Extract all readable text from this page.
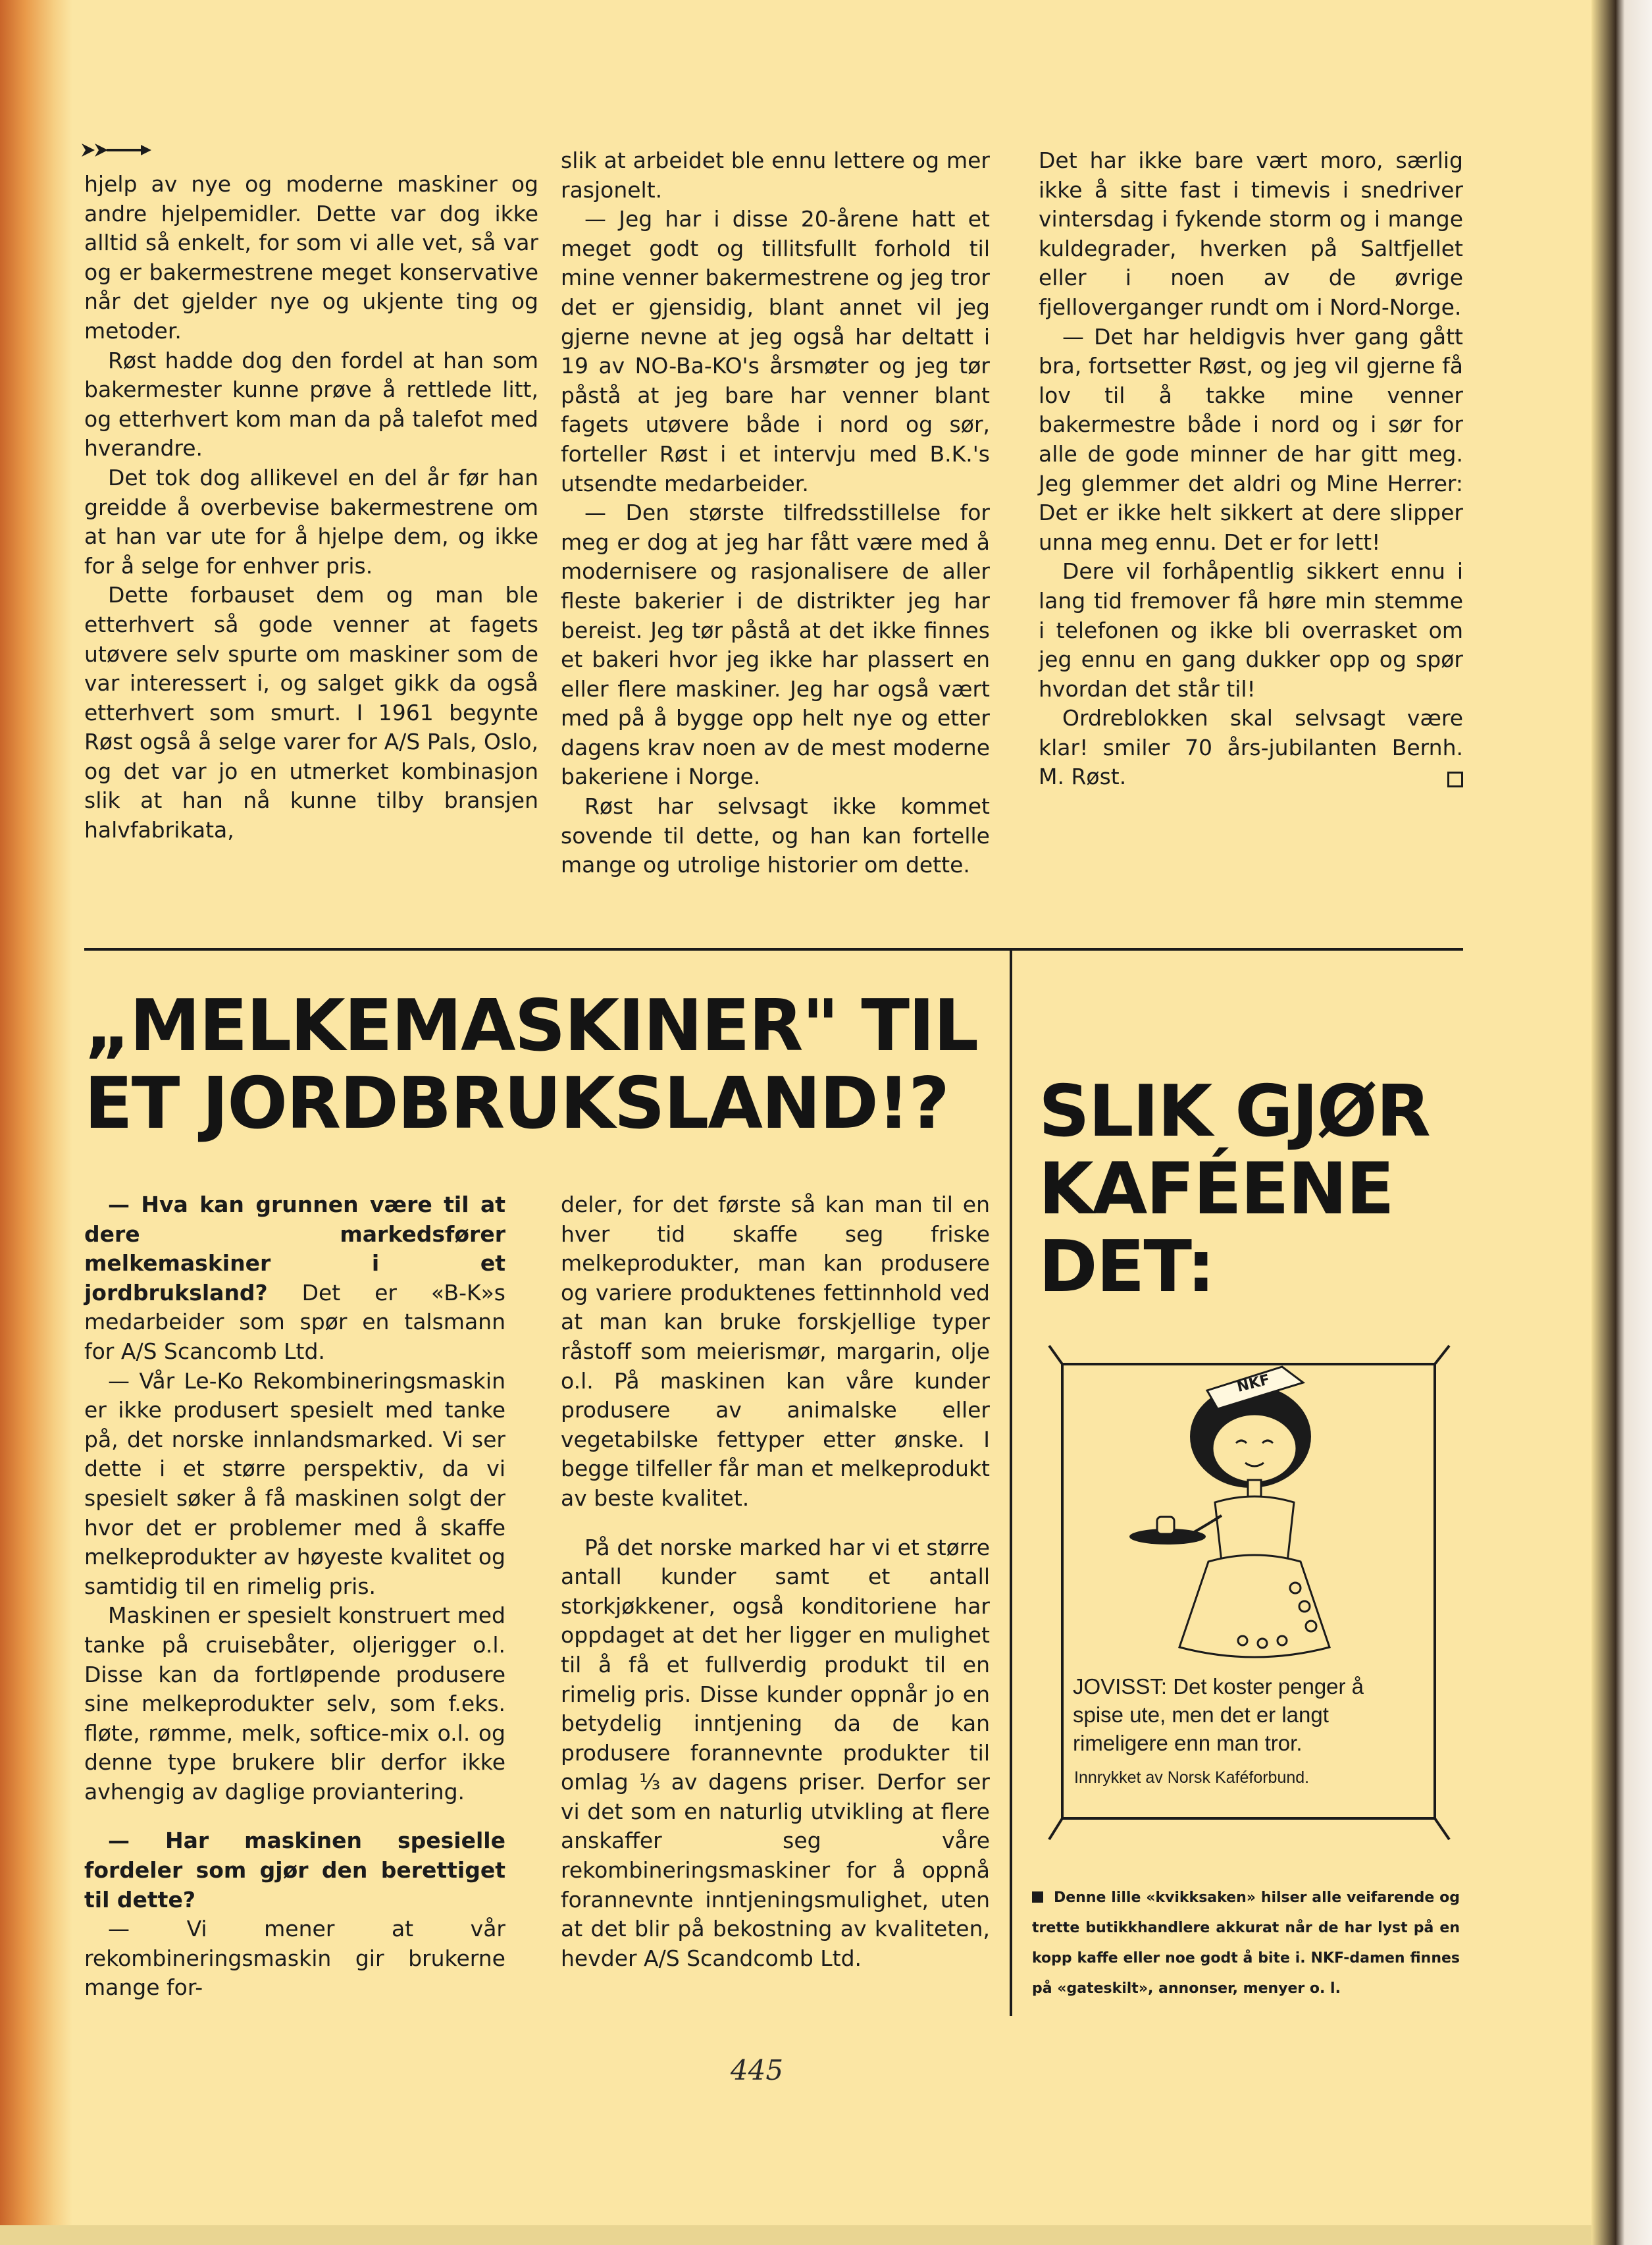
hjelp av nye og moderne maskiner og andre hjelpemidler. Dette var dog ikke alltid så enkelt, for som vi alle vet, så var og er bakermestrene meget konservative når det gjelder nye og ukjente ting og metoder.

Røst hadde dog den fordel at han som bakermester kunne prøve å rettlede litt, og etterhvert kom man da på talefot med hverandre.

Det tok dog allikevel en del år før han greidde å overbevise bakermestrene om at han var ute for å hjelpe dem, og ikke for å selge for enhver pris.

Dette forbauset dem og man ble etterhvert så gode venner at fagets utøvere selv spurte om maskiner som de var interessert i, og salget gikk da også etterhvert som smurt. I 1961 begynte Røst også å selge varer for A/S Pals, Oslo, og det var jo en utmerket kombinasjon slik at han nå kunne tilby bransjen halvfabrikata,

slik at arbeidet ble ennu lettere og mer rasjonelt.

— Jeg har i disse 20-årene hatt et meget godt og tillitsfullt forhold til mine venner bakermestrene og jeg tror det er gjensidig, blant annet vil jeg gjerne nevne at jeg også har deltatt i 19 av NO-Ba-KO's årsmøter og jeg tør påstå at jeg bare har venner blant fagets utøvere både i nord og sør, forteller Røst i et intervju med B.K.'s utsendte medarbeider.

— Den største tilfredsstillelse for meg er dog at jeg har fått være med å modernisere og rasjonalisere de aller fleste bakerier i de distrikter jeg har bereist. Jeg tør påstå at det ikke finnes et bakeri hvor jeg ikke har plassert en eller flere maskiner. Jeg har også vært med på å bygge opp helt nye og etter dagens krav noen av de mest moderne bakeriene i Norge.

Røst har selvsagt ikke kommet sovende til dette, og han kan fortelle mange og utrolige historier om dette.

Det har ikke bare vært moro, særlig ikke å sitte fast i timevis i snedriver vintersdag i fykende storm og i mange kuldegrader, hverken på Saltfjellet eller i noen av de øvrige fjelloverganger rundt om i Nord-Norge.

— Det har heldigvis hver gang gått bra, fortsetter Røst, og jeg vil gjerne få lov til å takke mine venner bakermestre både i nord og i sør for alle de gode minner de har gitt meg. Jeg glemmer det aldri og Mine Herrer: Det er ikke helt sikkert at dere slipper unna meg ennu. Det er for lett!

Dere vil forhåpentlig sikkert ennu i lang tid fremover få høre min stemme i telefonen og ikke bli overrasket om jeg ennu en gang dukker opp og spør hvordan det står til!

Ordreblokken skal selvsagt være klar! smiler 70 års-jubilanten Bernh. M. Røst.

„MELKEMASKINER" TIL
ET JORDBRUKSLAND!?

— Hva kan grunnen være til at dere markedsfører melkemaskiner i et jordbruksland? Det er «B-K»s medarbeider som spør en talsmann for A/S Scancomb Ltd.

— Vår Le-Ko Rekombineringsmaskin er ikke produsert spesielt med tanke på, det norske innlandsmarked. Vi ser dette i et større perspektiv, da vi spesielt søker å få maskinen solgt der hvor det er problemer med å skaffe melkeprodukter av høyeste kvalitet og samtidig til en rimelig pris.

Maskinen er spesielt konstruert med tanke på cruisebåter, oljerigger o.l. Disse kan da fortløpende produsere sine melkeprodukter selv, som f.eks. fløte, rømme, melk, softice-mix o.l. og denne type brukere blir derfor ikke avhengig av daglige proviantering.

— Har maskinen spesielle fordeler som gjør den berettiget til dette?

— Vi mener at vår rekombineringsmaskin gir brukerne mange for-

deler, for det første så kan man til en hver tid skaffe seg friske melkeprodukter, man kan produsere og variere produktenes fettinnhold ved at man kan bruke forskjellige typer råstoff som meierismør, margarin, olje o.l. På maskinen kan våre kunder produsere av animalske eller vegetabilske fettyper etter ønske. I begge tilfeller får man et melkeprodukt av beste kvalitet.

På det norske marked har vi et større antall kunder samt et antall storkjøkkener, også konditoriene har oppdaget at det her ligger en mulighet til å få et fullverdig produkt til en rimelig pris. Disse kunder oppnår jo en betydelig inntjening da de kan produsere forannevnte produkter til omlag ⅓ av dagens priser. Derfor ser vi det som en naturlig utvikling at flere anskaffer seg våre rekombineringsmaskiner for å oppnå forannevnte inntjeningsmulighet, uten at det blir på bekostning av kvaliteten, hevder A/S Scandcomb Ltd.

SLIK GJØR
KAFÉENE
DET:
NKF
JOVISST: Det koster penger å spise ute, men det er langt rimeligere enn man tror.
Innrykket av Norsk Kaféforbund.
Denne lille «kvikksaken» hilser alle veifarende og trette butikkhandlere akkurat når de har lyst på en kopp kaffe eller noe godt å bite i. NKF-damen finnes på «gateskilt», annonser, menyer o. l.
445
